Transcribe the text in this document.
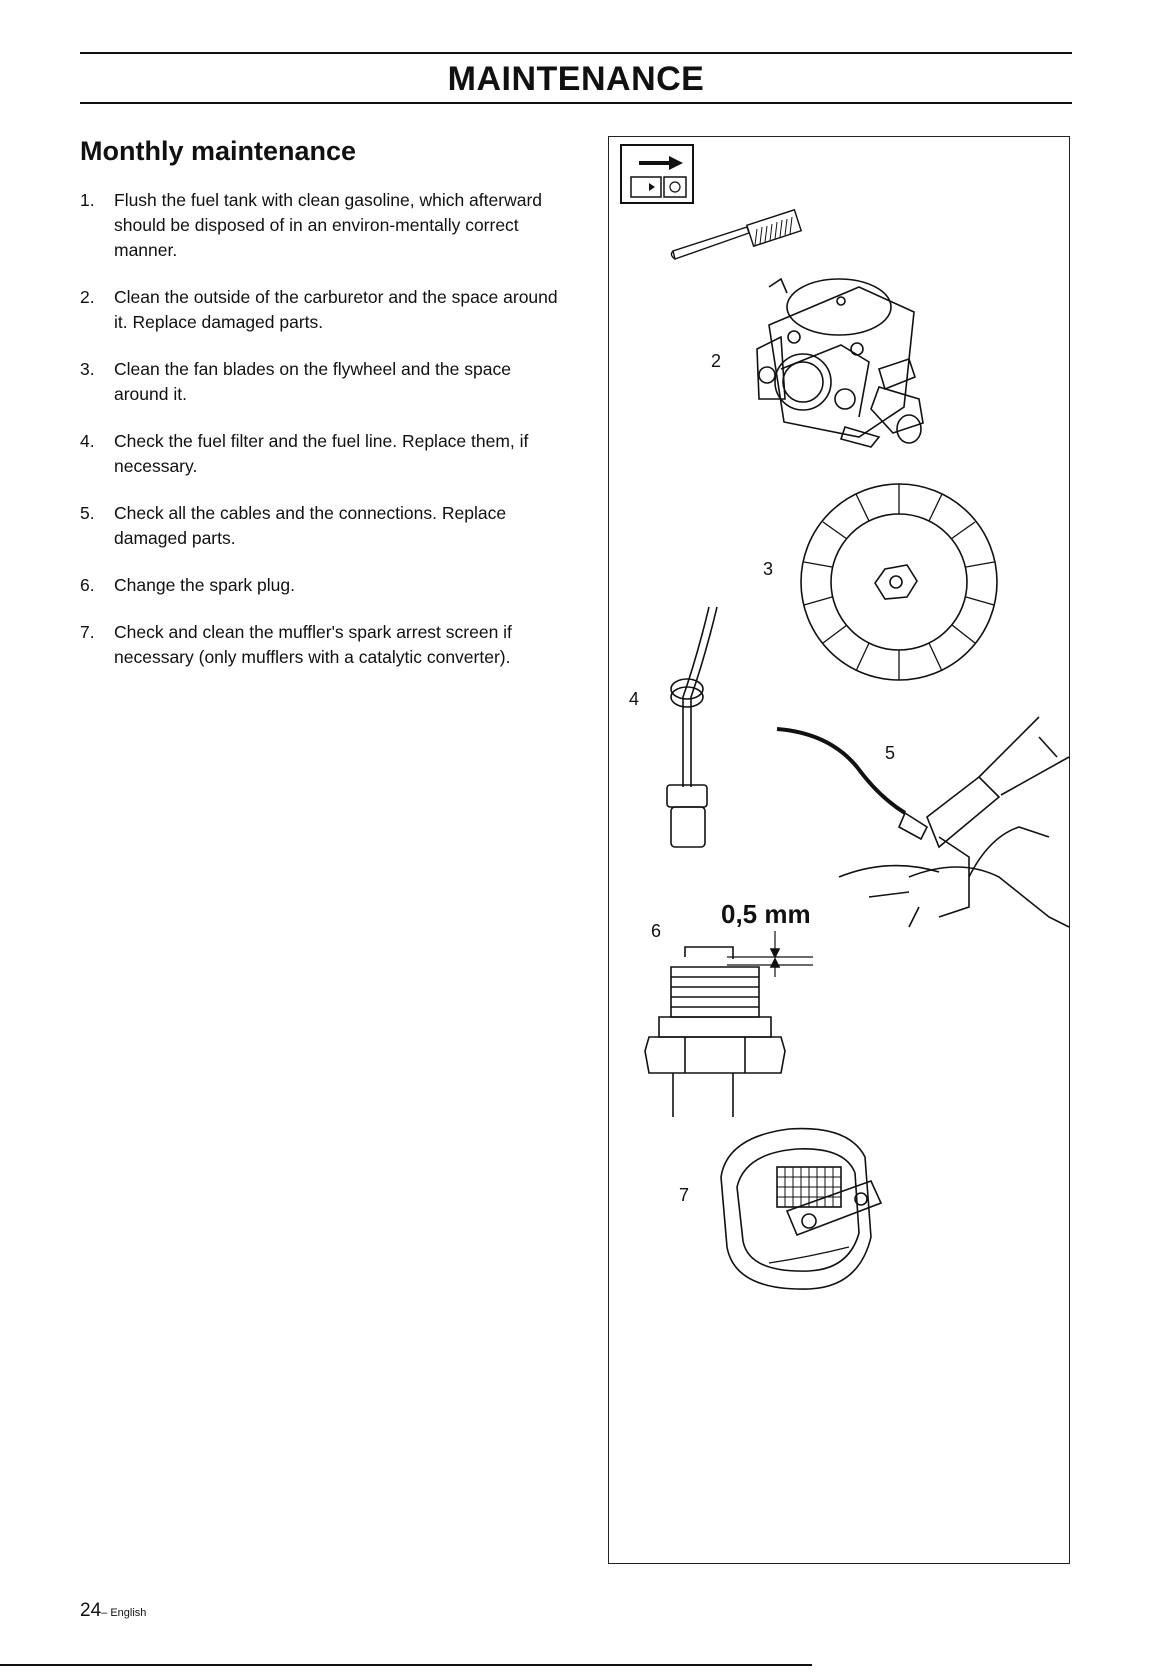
MAINTENANCE
Monthly maintenance
1. Flush the fuel tank with clean gasoline, which afterward should be disposed of in an environ-mentally correct manner.
2. Clean the outside of the carburetor and the space around it. Replace damaged parts.
3. Clean the fan blades on the flywheel and the space around it.
4. Check the fuel filter and the fuel line. Replace them, if necessary.
5. Check all the cables and the connections. Replace damaged parts.
6. Change the spark plug.
7. Check and clean the muffler's spark arrest screen if necessary (only mufflers with a catalytic converter).
2
3
4
5
6
0,5 mm
7
24– English
